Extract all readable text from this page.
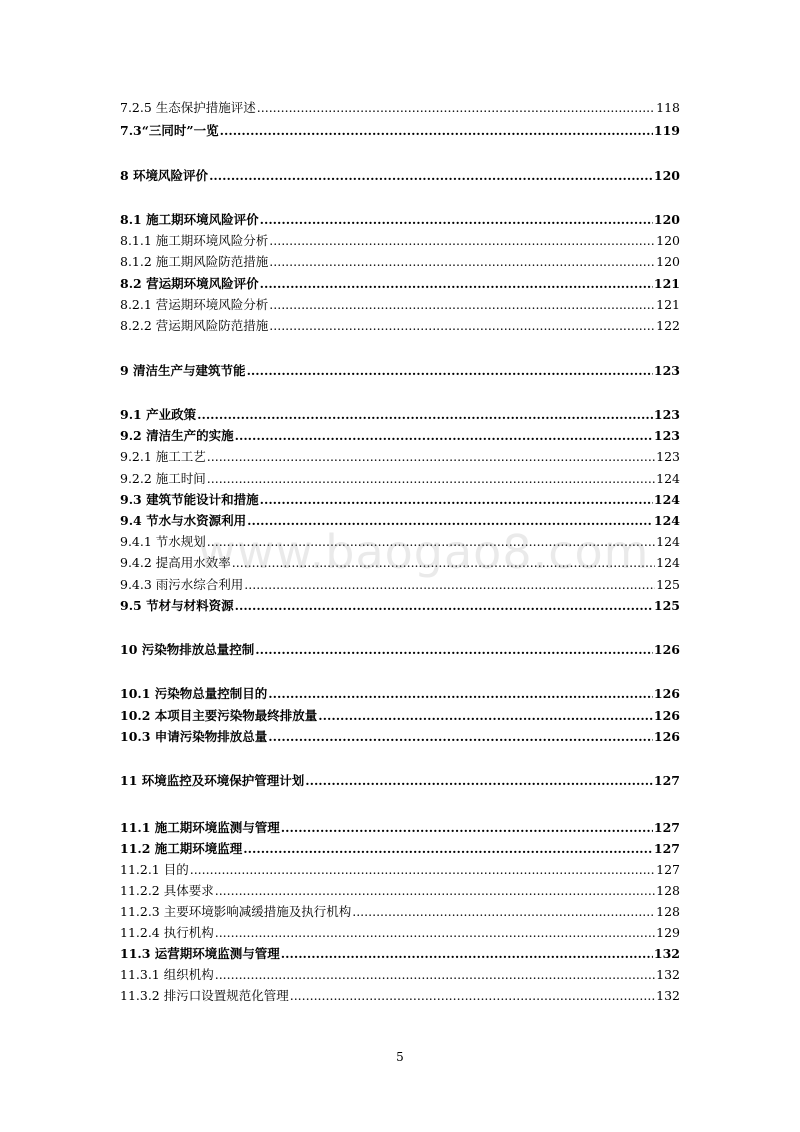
7.2.5 生态保护措施评述 .....	118
7.3“三同时”一览 .....	119
8 环境风险评价 .....	120
8.1 施工期环境风险评价 .....	120
8.1.1 施工期环境风险分析 .....	120
8.1.2 施工期风险防范措施 .....	120
8.2 营运期环境风险评价 .....	121
8.2.1 营运期环境风险分析 .....	121
8.2.2 营运期风险防范措施 .....	122
9 清洁生产与建筑节能 .....	123
9.1 产业政策 .....	123
9.2 清洁生产的实施 .....	123
9.2.1 施工工艺 .....	123
9.2.2 施工时间 .....	124
9.3 建筑节能设计和措施 .....	124
9.4 节水与水资源利用 .....	124
9.4.1 节水规划 .....	124
9.4.2 提高用水效率 .....	124
9.4.3 雨污水综合利用 .....	125
9.5 节材与材料资源 .....	125
10 污染物排放总量控制 .....	126
10.1 污染物总量控制目的 .....	126
10.2 本项目主要污染物最终排放量 .....	126
10.3 申请污染物排放总量 .....	126
11 环境监控及环境保护管理计划 .....	127
11.1 施工期环境监测与管理 .....	127
11.2 施工期环境监理 .....	127
11.2.1 目的 .....	127
11.2.2 具体要求 .....	128
11.2.3 主要环境影响减缓措施及执行机构 .....	128
11.2.4 执行机构 .....	129
11.3 运营期环境监测与管理 .....	132
11.3.1 组织机构 .....	132
11.3.2 排污口设置规范化管理 .....	132
www.baogao8.com
5
